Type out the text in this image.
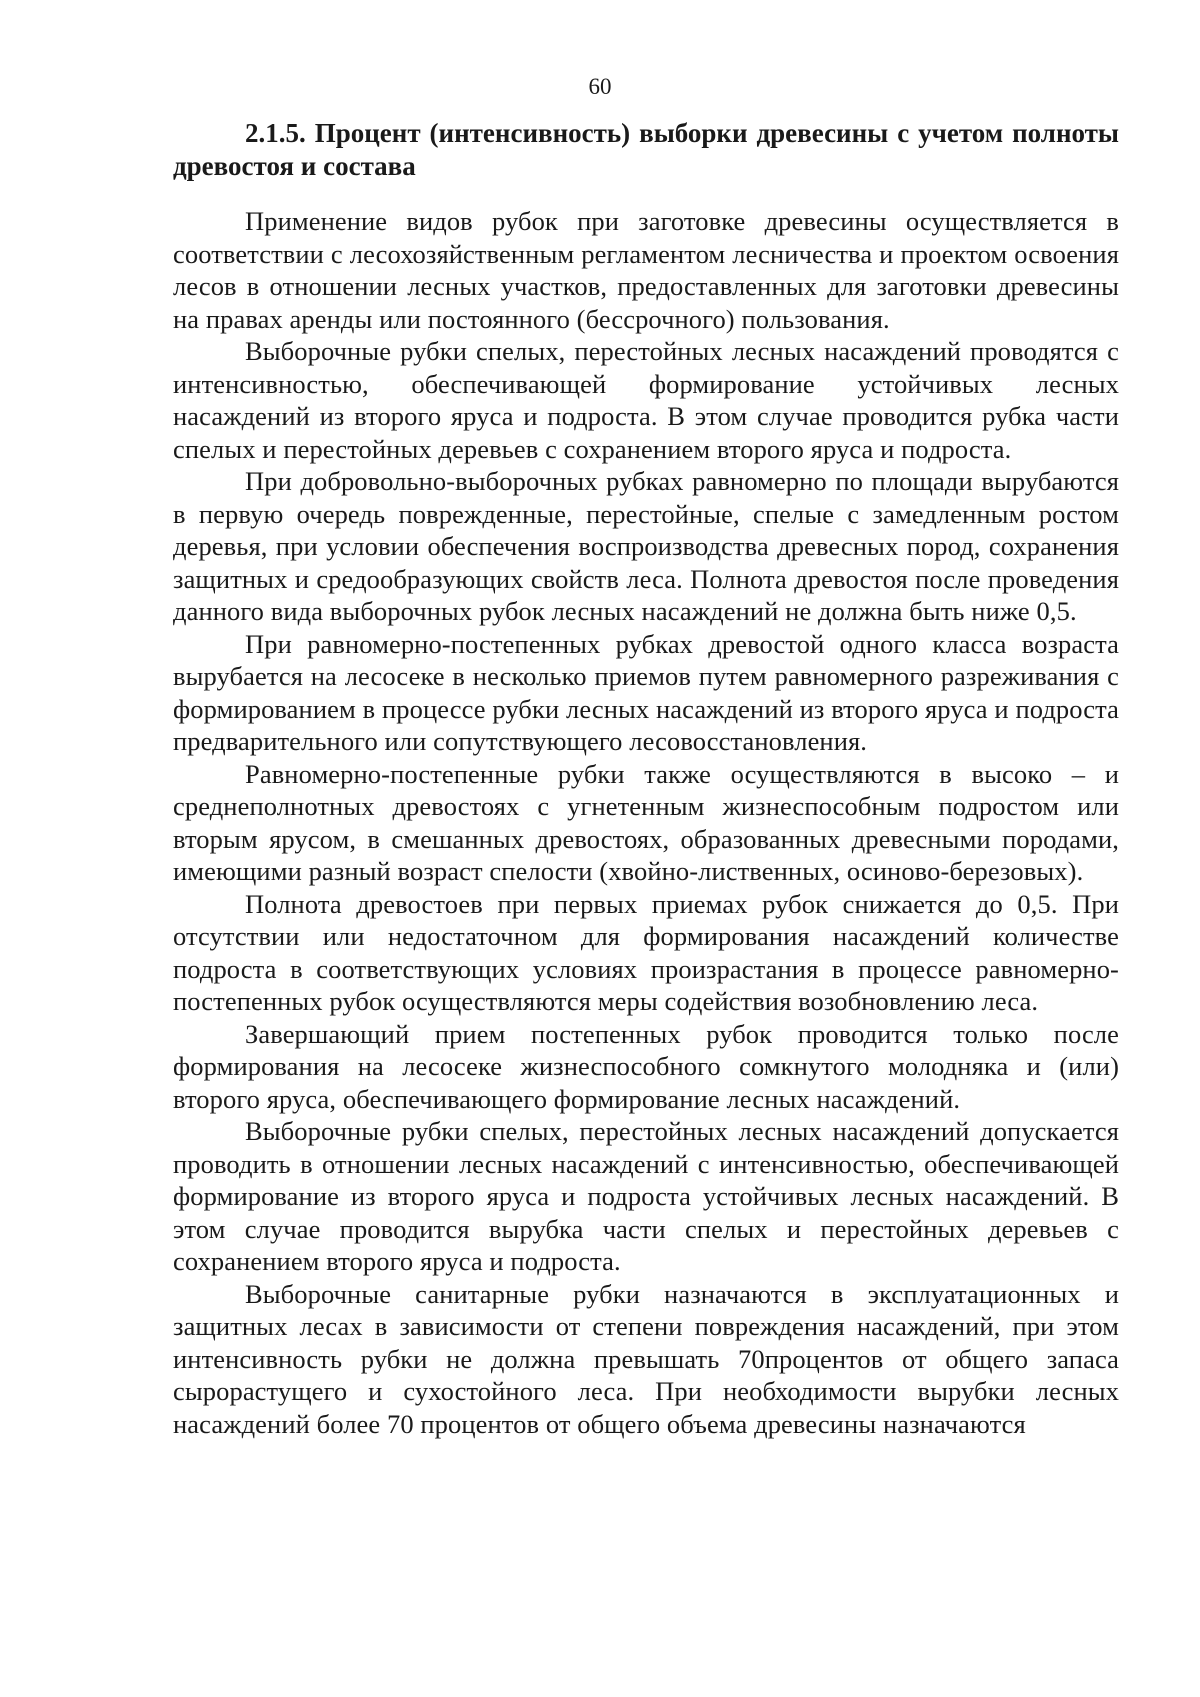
60
2.1.5. Процент (интенсивность) выборки древесины с учетом полноты древостоя и состава

Применение видов рубок при заготовке древесины осуществляется в соответствии с лесохозяйственным регламентом лесничества и проектом освоения лесов в отношении лесных участков, предоставленных для заготовки древесины на правах аренды или постоянного (бессрочного) пользования.

Выборочные рубки спелых, перестойных лесных насаждений проводятся с интенсивностью, обеспечивающей формирование устойчивых лесных насаждений из второго яруса и подроста. В этом случае проводится рубка части спелых и перестойных деревьев с сохранением второго яруса и подроста.

При добровольно-выборочных рубках равномерно по площади вырубаются в первую очередь поврежденные, перестойные, спелые с замедленным ростом деревья, при условии обеспечения воспроизводства древесных пород, сохранения защитных и средообразующих свойств леса. Полнота древостоя после проведения данного вида выборочных рубок лесных насаждений не должна быть ниже 0,5.

При равномерно-постепенных рубках древостой одного класса возраста вырубается на лесосеке в несколько приемов путем равномерного разреживания с формированием в процессе рубки лесных насаждений из второго яруса и подроста предварительного или сопутствующего лесовосстановления.

Равномерно-постепенные рубки также осуществляются в высоко – и среднеполнотных древостоях с угнетенным жизнеспособным подростом или вторым ярусом, в смешанных древостоях, образованных древесными породами, имеющими разный возраст спелости (хвойно-лиственных, осиново-березовых).

Полнота древостоев при первых приемах рубок снижается до 0,5. При отсутствии или недостаточном для формирования насаждений количестве подроста в соответствующих условиях произрастания в процессе равномерно-постепенных рубок осуществляются меры содействия возобновлению леса.

Завершающий прием постепенных рубок проводится только после формирования на лесосеке жизнеспособного сомкнутого молодняка и (или) второго яруса, обеспечивающего формирование лесных насаждений.

Выборочные рубки спелых, перестойных лесных насаждений допускается проводить в отношении лесных насаждений с интенсивностью, обеспечивающей формирование из второго яруса и подроста устойчивых лесных насаждений. В этом случае проводится вырубка части спелых и перестойных деревьев с сохранением второго яруса и подроста.

Выборочные санитарные рубки назначаются в эксплуатационных и защитных лесах в зависимости от степени повреждения насаждений, при этом интенсивность рубки не должна превышать 70процентов от общего запаса сырорастущего и сухостойного леса. При необходимости вырубки лесных насаждений более 70 процентов от общего объема древесины назначаются
